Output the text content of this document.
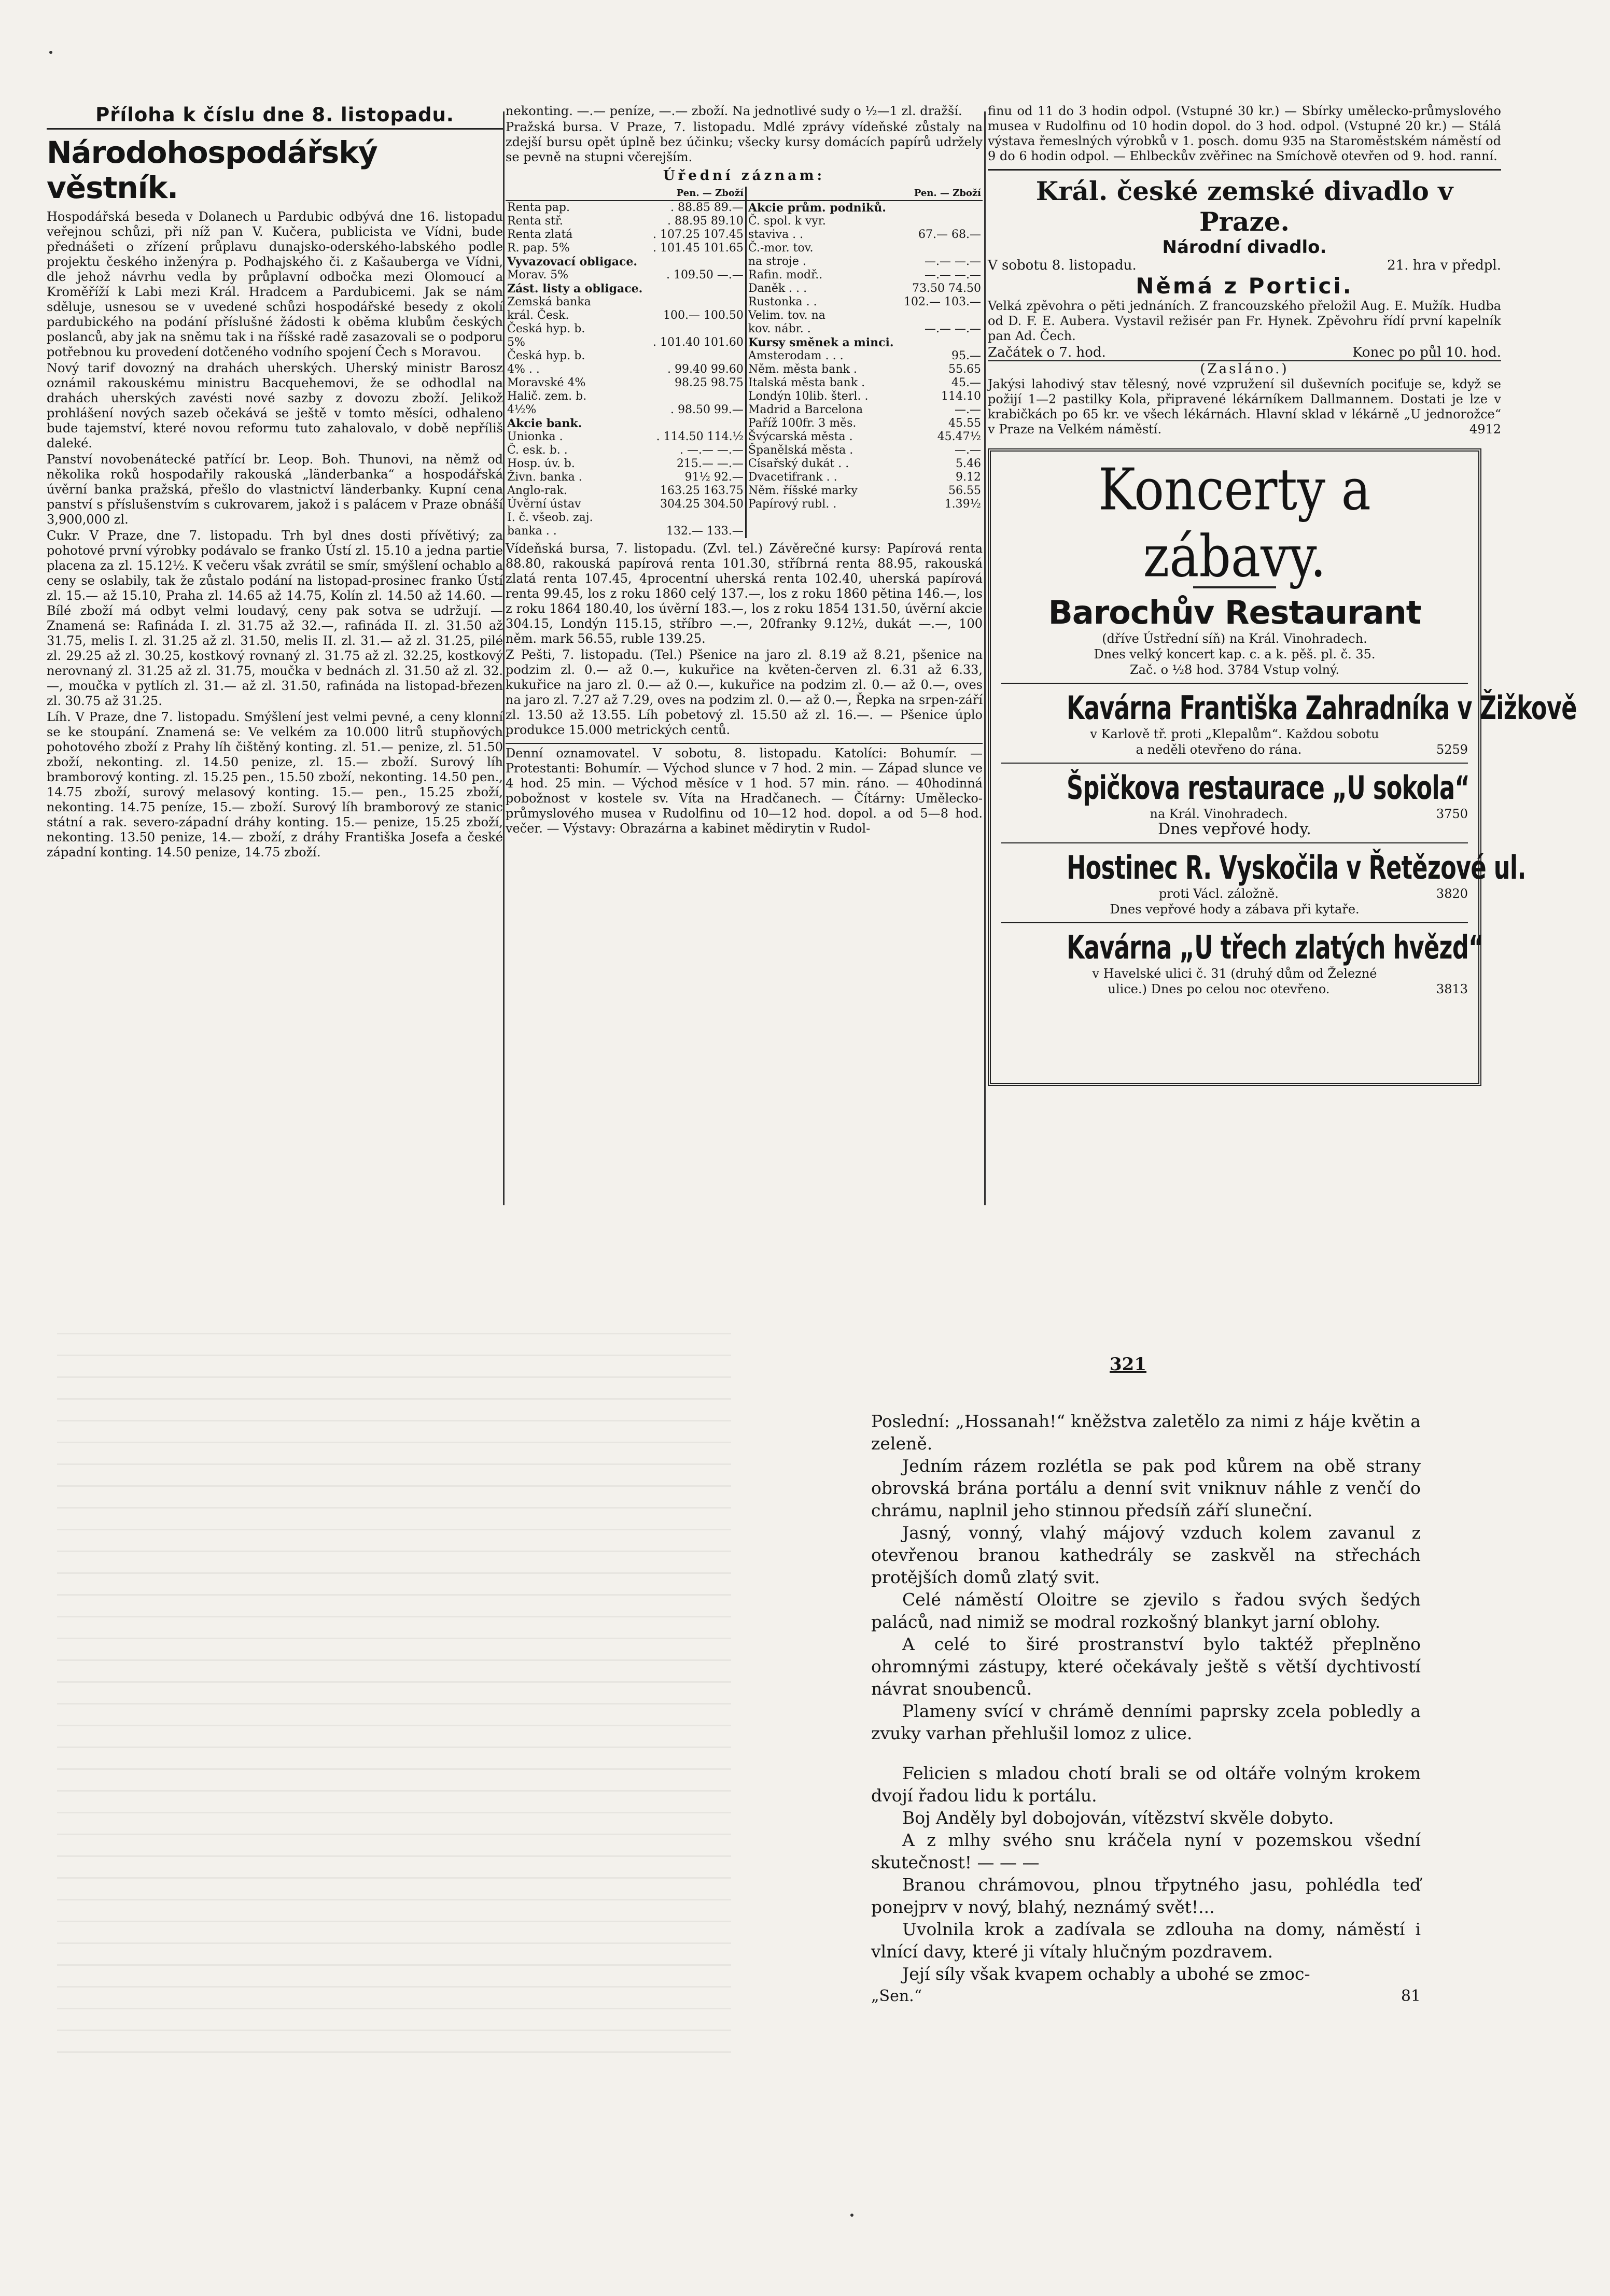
Příloha k číslu dne 8. listopadu.
Národohospodářský věstník.

Hospodářská beseda v Dolanech u Pardubic odbývá dne 16. listopadu veřejnou schůzi, při níž pan V. Kučera, publicista ve Vídni, bude přednášeti o zřízení průplavu dunajsko-oderského-labského podle projektu českého inženýra p. Podhajského či. z Kašauberga ve Vídni, dle jehož návrhu vedla by průplavní odbočka mezi Olomoucí a Kroměříží k Labi mezi Král. Hradcem a Pardubicemi. Jak se nám sděluje, usnesou se v uvedené schůzi hospodářské besedy z okolí pardubického na podání příslušné žádosti k oběma klubům českých poslanců, aby jak na sněmu tak i na říšské radě zasazovali se o podporu potřebnou ku provedení dotčeného vodního spojení Čech s Moravou.

Nový tarif dovozný na drahách uherských. Uherský ministr Barosz oznámil rakouskému ministru Bacquehemovi, že se odhodlal na drahách uherských zavésti nové sazby z dovozu zboží. Jelikož prohlášení nových sazeb očekává se ještě v tomto měsíci, odhaleno bude tajemství, které novou reformu tuto zahalovalo, v době nepříliš daleké.

Panství novobenátecké patřící br. Leop. Boh. Thunovi, na němž od několika roků hospodařily rakouská „länderbanka“ a hospodářská úvěrní banka pražská, přešlo do vlastnictví länderbanky. Kupní cena panství s příslušenstvím s cukrovarem, jakož i s palácem v Praze obnáší 3,900,000 zl.

Cukr. V Praze, dne 7. listopadu. Trh byl dnes dosti přívětivý; za pohotové první výrobky podávalo se franko Ústí zl. 15.10 a jedna partie placena za zl. 15.12½. K večeru však zvrátil se smír, smýšlení ochablo a ceny se oslabily, tak že zůstalo podání na listopad-prosinec franko Ústí zl. 15.— až 15.10, Praha zl. 14.65 až 14.75, Kolín zl. 14.50 až 14.60. — Bílé zboží má odbyt velmi loudavý, ceny pak sotva se udržují. — Znamená se: Rafináda I. zl. 31.75 až 32.—, rafináda II. zl. 31.50 až 31.75, melis I. zl. 31.25 až zl. 31.50, melis II. zl. 31.— až zl. 31.25, pilé zl. 29.25 až zl. 30.25, kostkový rovnaný zl. 31.75 až zl. 32.25, kostkový nerovnaný zl. 31.25 až zl. 31.75, moučka v bednách zl. 31.50 až zl. 32.—, moučka v pytlích zl. 31.— až zl. 31.50, rafináda na listopad-březen zl. 30.75 až 31.25.

Líh. V Praze, dne 7. listopadu. Smýšlení jest velmi pevné, a ceny klonní se ke stoupání. Znamená se: Ve velkém za 10.000 litrů stupňových pohotového zboží z Prahy líh čištěný konting. zl. 51.— penize, zl. 51.50 zboží, nekonting. zl. 14.50 penize, zl. 15.— zboží. Surový líh bramborový konting. zl. 15.25 pen., 15.50 zboží, nekonting. 14.50 pen., 14.75 zboží, surový melasový konting. 15.— pen., 15.25 zboží, nekonting. 14.75 peníze, 15.— zboží. Surový líh bramborový ze stanic státní a rak. severo-západní dráhy konting. 15.— penize, 15.25 zboží, nekonting. 13.50 penize, 14.— zboží, z dráhy Františka Josefa a české západní konting. 14.50 penize, 14.75 zboží.

nekonting. —.— peníze, —.— zboží. Na jednotlivé sudy o ½—1 zl. dražší.

Pražská bursa. V Praze, 7. listopadu. Mdlé zprávy vídeňské zůstaly na zdejší bursu opět úplně bez účinku; všecky kursy domácích papírů udržely se pevně na stupni včerejším.

Úřední záznam:
	Pen. — Zboží		Pen. — Zboží
Renta pap.	. 88.85 89.—	Akcie prům. podniků.	
Renta stř.	. 88.95 89.10	Č. spol. k vyr.	
Renta zlatá	. 107.25 107.45	staviva . .	67.— 68.—
R. pap. 5%	. 101.45 101.65	Č.-mor. tov.	
Vyvazovací obligace.		na stroje .	—.— —.—
Morav. 5%	. 109.50 —.—	Rafin. modř..	—.— —.—
Zást. listy a obligace.		Daněk . . .	73.50 74.50
Zemská banka		Rustonka . .	102.— 103.—
král. Česk.	100.— 100.50	Velim. tov. na	
Česká hyp. b.		kov. nábr. .	—.— —.—
5%	. 101.40 101.60	Kursy směnek a minci.	
Česká hyp. b.		Amsterodam . . .	95.—
4% . .	. 99.40 99.60	Něm. města bank .	55.65
Moravské 4%	98.25 98.75	Italská města bank .	45.—
Halič. zem. b.		Londýn 10lib. šterl. .	114.10
4½%	. 98.50 99.—	Madrid a Barcelona	—.—
Akcie bank.		Paříž 100fr. 3 měs.	45.55
Unionka .	. 114.50 114.½	Švýcarská města .	45.47½
Č. esk. b. .	. —.— —.—	Španělská města .	—.—
Hosp. úv. b.	215.— —.—	Císařský dukát . .	5.46
Živn. banka .	91½ 92.—	Dvacetifrank . .	9.12
Anglo-rak.	163.25 163.75	Něm. říšské marky	56.55
Úvěrní ústav	304.25 304.50	Papírový rubl. .	1.39½
I. č. všeob. zaj.			
banka . .	132.— 133.—		

Vídeňská bursa, 7. listopadu. (Zvl. tel.) Závěrečné kursy: Papírová renta 88.80, rakouská papírová renta 101.30, stříbrná renta 88.95, rakouská zlatá renta 107.45, 4procentní uherská renta 102.40, uherská papírová renta 99.45, los z roku 1860 celý 137.—, los z roku 1860 pětina 146.—, los z roku 1864 180.40, los úvěrní 183.—, los z roku 1854 131.50, úvěrní akcie 304.15, Londýn 115.15, stříbro —.—, 20franky 9.12½, dukát —.—, 100 něm. mark 56.55, ruble 139.25.

Z Pešti, 7. listopadu. (Tel.) Pšenice na jaro zl. 8.19 až 8.21, pšenice na podzim zl. 0.— až 0.—, kukuřice na květen-červen zl. 6.31 až 6.33, kukuřice na jaro zl. 0.— až 0.—, kukuřice na podzim zl. 0.— až 0.—, oves na jaro zl. 7.27 až 7.29, oves na podzim zl. 0.— až 0.—, Řepka na srpen-září zl. 13.50 až 13.55. Líh pobetový zl. 15.50 až zl. 16.—. — Pšenice úplo produkce 15.000 metrických centů.

Denní oznamovatel. V sobotu, 8. listopadu. Katolíci: Bohumír. — Protestanti: Bohumír. — Východ slunce v 7 hod. 2 min. — Západ slunce ve 4 hod. 25 min. — Východ měsíce v 1 hod. 57 min. ráno. — 40hodinná pobožnost v kostele sv. Víta na Hradčanech. — Čítárny: Umělecko-průmyslového musea v Rudolfinu od 10—12 hod. dopol. a od 5—8 hod. večer. — Výstavy: Obrazárna a kabinet mědirytin v Rudol-

finu od 11 do 3 hodin odpol. (Vstupné 30 kr.) — Sbírky umělecko-průmyslového musea v Rudolfinu od 10 hodin dopol. do 3 hod. odpol. (Vstupné 20 kr.) — Stálá výstava řemeslných výrobků v 1. posch. domu 935 na Staroměstském náměstí od 9 do 6 hodin odpol. — Ehlbeckův zvěřinec na Smíchově otevřen od 9. hod. ranní.

Král. české zemské divadlo v Praze.
Národní divadlo.
V sobotu 8. listopadu.	21. hra v předpl.
Němá z Portici.

Velká zpěvohra o pěti jednáních. Z francouzského přeložil Aug. E. Mužík. Hudba od D. F. E. Aubera. Vystavil režisér pan Fr. Hynek. Zpěvohru řídí první kapelník pan Ad. Čech.

Začátek o 7. hod.	Konec po půl 10. hod.
(Zasláno.)

Jakýsi lahodivý stav tělesný, nové vzpružení sil duševních pociťuje se, když se požijí 1—2 pastilky Kola, připravené lékárníkem Dallmannem. Dostati je lze v krabičkách po 65 kr. ve všech lékárnách. Hlavní sklad v lékárně „U jednorožce“ v Praze na Velkém náměstí.	4912

Koncerty a zábavy.
Barochův Restaurant
(dříve Ústřední síň) na Král. Vinohradech.
Dnes velký koncert kap. c. a k. pěš. pl. č. 35.
Zač. o ½8 hod. 3784 Vstup volný.
Kavárna Františka Zahradníka v Žižkově
v Karlově tř. proti „Klepalům“. Každou sobotu
a neděli otevřeno do rána.	5259
Špičkova restaurace „U sokola“
na Král. Vinohradech.	3750
Dnes vepřové hody.
Hostinec R. Vyskočila v Řetězové ul.
proti Václ. záložně.	3820
Dnes vepřové hody a zábava při kytaře.
Kavárna „U třech zlatých hvězd“
v Havelské ulici č. 31 (druhý dům od Železné
ulice.) Dnes po celou noc otevřeno.	3813
321

Poslední: „Hossanah!“ kněžstva zaletělo za nimi z háje květin a zeleně.

Jedním rázem rozlétla se pak pod kůrem na obě strany obrovská brána portálu a denní svit vniknuv náhle z venčí do chrámu, naplnil jeho stinnou předsíň září sluneční.

Jasný, vonný, vlahý májový vzduch kolem zavanul z otevřenou branou kathedrály se zaskvěl na střechách protějších domů zlatý svit.

Celé náměstí Oloitre se zjevilo s řadou svých šedých paláců, nad nimiž se modral rozkošný blankyt jarní oblohy.

A celé to širé prostranství bylo taktéž přeplněno ohromnými zástupy, které očekávaly ještě s větší dychtivostí návrat snoubenců.

Plameny svící v chrámě denními paprsky zcela pobledly a zvuky varhan přehlušil lomoz z ulice.

Felicien s mladou chotí brali se od oltáře volným krokem dvojí řadou lidu k portálu.

Boj Anděly byl dobojován, vítězství skvěle dobyto.

A z mlhy svého snu kráčela nyní v pozemskou všední skutečnost! — — —

Branou chrámovou, plnou třpytného jasu, pohlédla teď ponejprv v nový, blahý, neznámý svět!...

Uvolnila krok a zadívala se zdlouha na domy, náměstí i vlnící davy, které ji vítaly hlučným pozdravem.

Její síly však kvapem ochably a ubohé se zmoc-

„Sen.“	81
